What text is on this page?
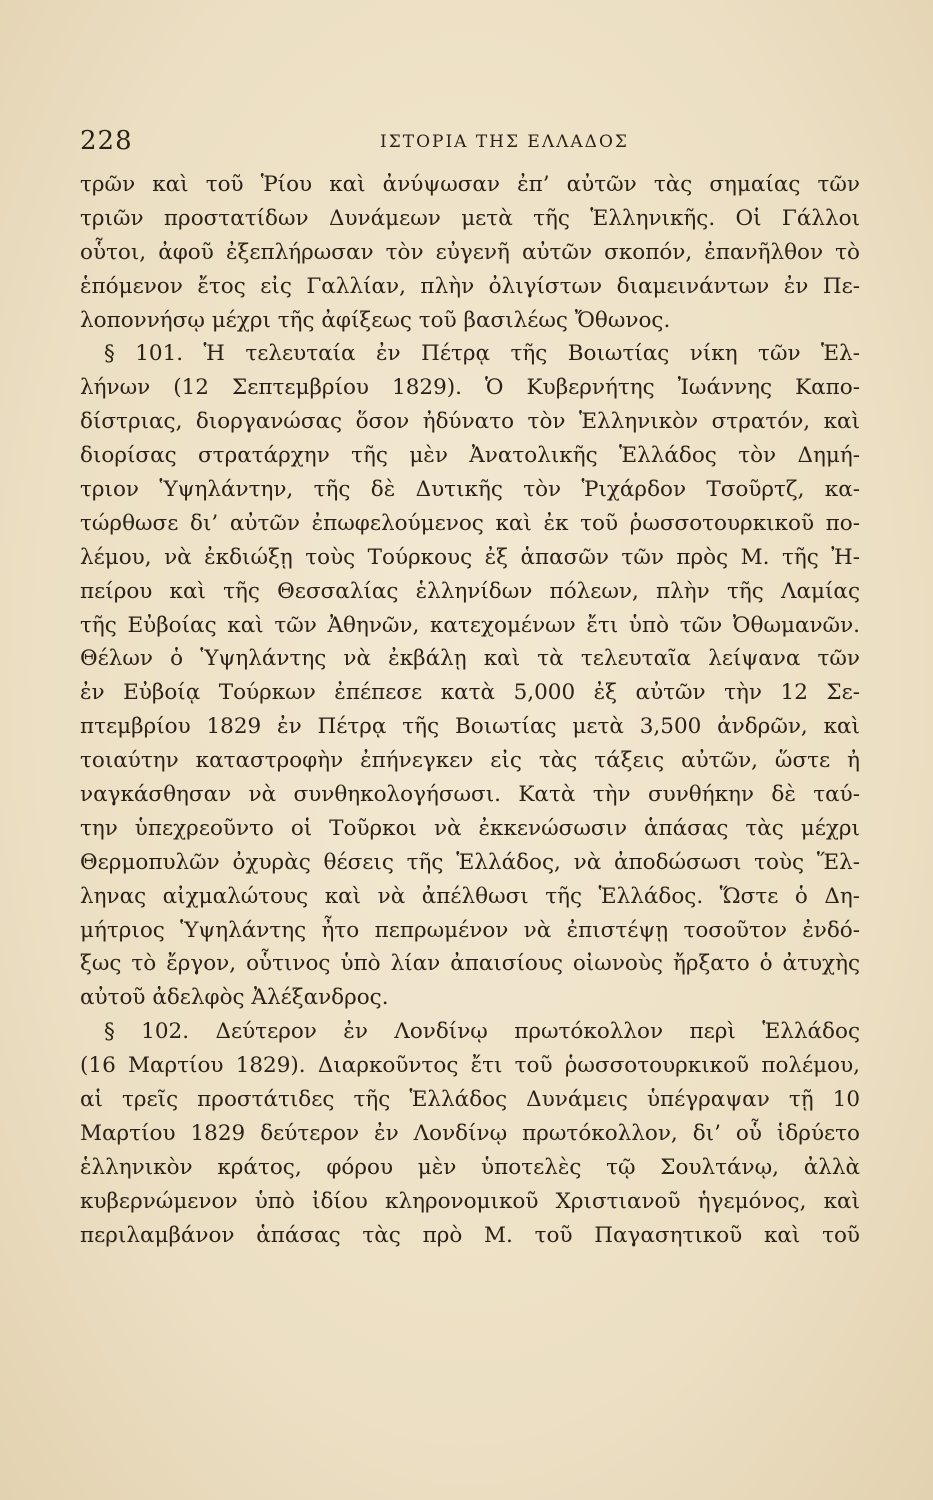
228	ΙΣΤΟΡΙΑ ΤΗΣ ΕΛΛΑΔΟΣ
τρῶν καὶ τοῦ Ῥίου καὶ ἀνύψωσαν ἐπ’ αὐτῶν τὰς σημαίας τῶν
τριῶν προστατίδων Δυνάμεων μετὰ τῆς Ἑλληνικῆς. Οἱ Γάλλοι
οὗτοι, ἀφοῦ ἐξεπλήρωσαν τὸν εὐγενῆ αὐτῶν σκοπόν, ἐπανῆλθον τὸ
ἑπόμενον ἔτος εἰς Γαλλίαν, πλὴν ὀλιγίστων διαμεινάντων ἐν Πε-
λοποννήσῳ μέχρι τῆς ἀφίξεως τοῦ βασιλέως Ὄθωνος.
§ 101. Ἡ τελευταία ἐν Πέτρᾳ τῆς Βοιωτίας νίκη τῶν Ἑλ-
λήνων (12 Σεπτεμβρίου 1829). Ὁ Κυβερνήτης Ἰωάννης Καπο-
δίστριας, διοργανώσας ὅσον ἠδύνατο τὸν Ἑλληνικὸν στρατόν, καὶ
διορίσας στρατάρχην τῆς μὲν Ἀνατολικῆς Ἑλλάδος τὸν Δημή-
τριον Ὑψηλάντην, τῆς δὲ Δυτικῆς τὸν Ῥιχάρδον Τσοῦρτζ, κα-
τώρθωσε δι’ αὐτῶν ἐπωφελούμενος καὶ ἐκ τοῦ ῥωσσοτουρκικοῦ πο-
λέμου, νὰ ἐκδιώξῃ τοὺς Τούρκους ἐξ ἁπασῶν τῶν πρὸς Μ. τῆς Ἠ-
πείρου καὶ τῆς Θεσσαλίας ἑλληνίδων πόλεων, πλὴν τῆς Λαμίας
τῆς Εὐβοίας καὶ τῶν Ἀθηνῶν, κατεχομένων ἔτι ὑπὸ τῶν Ὀθωμανῶν.
Θέλων ὁ Ὑψηλάντης νὰ ἐκβάλῃ καὶ τὰ τελευταῖα λείψανα τῶν
ἐν Εὐβοίᾳ Τούρκων ἐπέπεσε κατὰ 5,000 ἐξ αὐτῶν τὴν 12 Σε-
πτεμβρίου 1829 ἐν Πέτρᾳ τῆς Βοιωτίας μετὰ 3,500 ἀνδρῶν, καὶ
τοιαύτην καταστροφὴν ἐπήνεγκεν εἰς τὰς τάξεις αὐτῶν, ὥστε ἠ
ναγκάσθησαν νὰ συνθηκολογήσωσι. Κατὰ τὴν συνθήκην δὲ ταύ-
την ὑπεχρεοῦντο οἱ Τοῦρκοι νὰ ἐκκενώσωσιν ἁπάσας τὰς μέχρι
Θερμοπυλῶν ὀχυρὰς θέσεις τῆς Ἑλλάδος, νὰ ἀποδώσωσι τοὺς Ἕλ-
ληνας αἰχμαλώτους καὶ νὰ ἀπέλθωσι τῆς Ἑλλάδος. Ὥστε ὁ Δη-
μήτριος Ὑψηλάντης ἦτο πεπρωμένον νὰ ἐπιστέψῃ τοσοῦτον ἐνδό-
ξως τὸ ἔργον, οὗτινος ὑπὸ λίαν ἀπαισίους οἰωνοὺς ἤρξατο ὁ ἀτυχὴς
αὐτοῦ ἀδελφὸς Ἀλέξανδρος.
§ 102. Δεύτερον ἐν Λονδίνῳ πρωτόκολλον περὶ Ἑλλάδος
(16 Μαρτίου 1829). Διαρκοῦντος ἔτι τοῦ ῥωσσοτουρκικοῦ πολέμου,
αἱ τρεῖς προστάτιδες τῆς Ἑλλάδος Δυνάμεις ὑπέγραψαν τῇ 10
Μαρτίου 1829 δεύτερον ἐν Λονδίνῳ πρωτόκολλον, δι’ οὗ ἱδρύετο
ἑλληνικὸν κράτος, φόρου μὲν ὑποτελὲς τῷ Σουλτάνῳ, ἀλλὰ
κυβερνώμενον ὑπὸ ἰδίου κληρονομικοῦ Χριστιανοῦ ἡγεμόνος, καὶ
περιλαμβάνον ἁπάσας τὰς πρὸ Μ. τοῦ Παγασητικοῦ καὶ τοῦ
